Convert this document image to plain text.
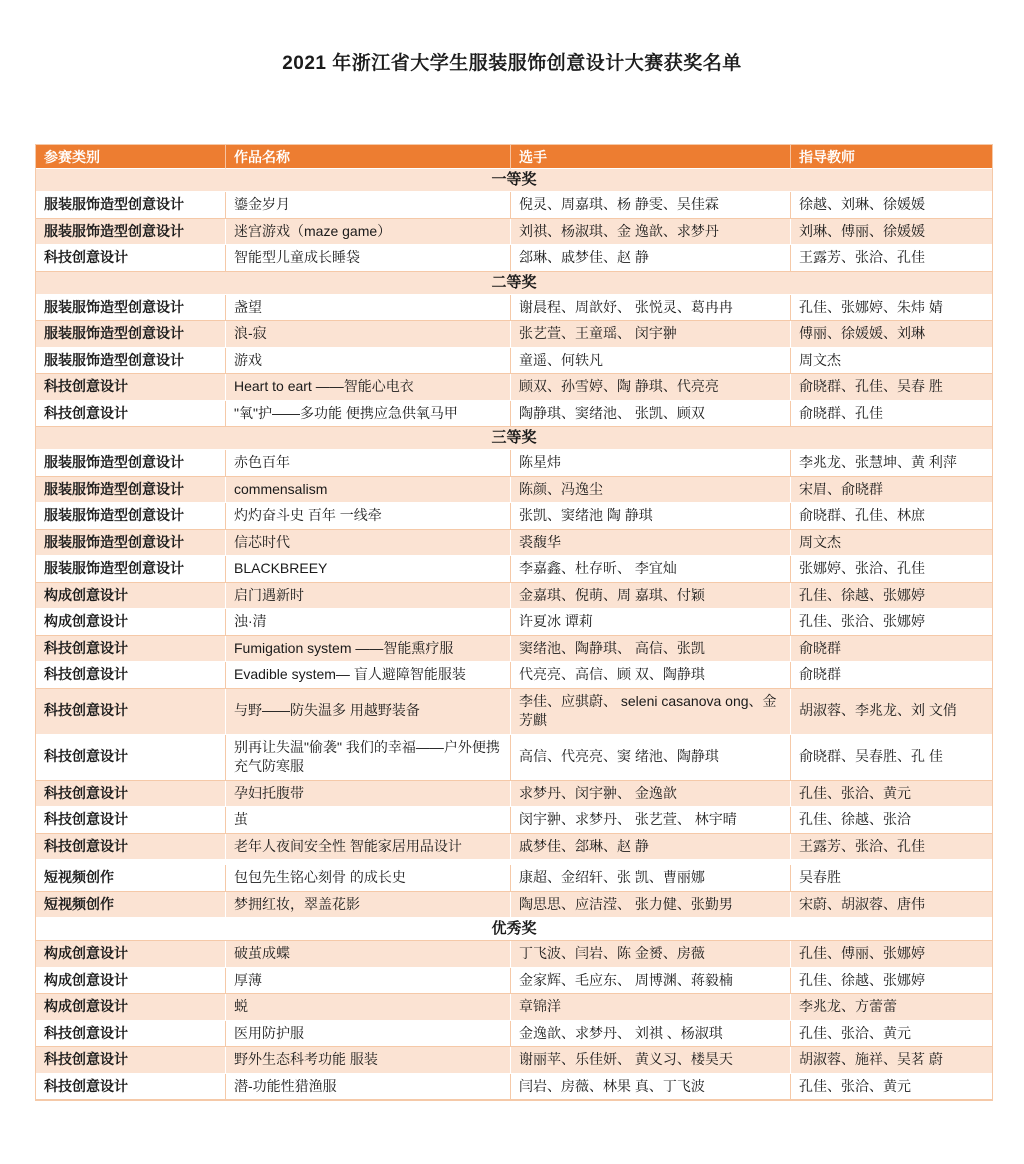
2021 年浙江省大学生服装服饰创意设计大赛获奖名单
参赛类别	作品名称	选手	指导教师
一等奖			
服装服饰造型创意设计	鎏金岁月	倪灵、周嘉琪、杨 静雯、吴佳霖	徐越、刘琳、徐媛媛
服装服饰造型创意设计	迷宫游戏（maze game）	刘祺、杨淑琪、金 逸歆、求梦丹	刘琳、傅丽、徐媛媛
科技创意设计	智能型儿童成长睡袋	郐琳、戚梦佳、赵 静	王露芳、张洽、孔佳
二等奖			
服装服饰造型创意设计	盏望	谢晨程、周歆妤、 张悦灵、葛冉冉	孔佳、张娜婷、朱炜 婧
服装服饰造型创意设计	浪-寂	张艺萱、王童瑶、 闵宇翀	傅丽、徐媛媛、刘琳
服装服饰造型创意设计	游戏	童遥、何轶凡	周文杰
科技创意设计	Heart to eart ——智能心电衣	顾双、孙雪婷、陶 静琪、代亮亮	俞晓群、孔佳、吴春 胜
科技创意设计	"氧"护——多功能 便携应急供氧马甲	陶静琪、窦绪池、 张凯、顾双	俞晓群、孔佳
三等奖			
服装服饰造型创意设计	赤色百年	陈星炜	李兆龙、张慧坤、黄 利萍
服装服饰造型创意设计	commensalism	陈颜、冯逸尘	宋眉、俞晓群
服装服饰造型创意设计	灼灼奋斗史 百年 一线牵	张凯、窦绪池 陶 静琪	俞晓群、孔佳、林庶
服装服饰造型创意设计	信芯时代	裘馥华	周文杰
服装服饰造型创意设计	BLACKBREEY	李嘉鑫、杜存昕、 李宜灿	张娜婷、张洽、孔佳
构成创意设计	启门遇新时	金嘉琪、倪萌、周 嘉琪、付颖	孔佳、徐越、张娜婷
构成创意设计	浊·清	许夏冰 谭莉	孔佳、张洽、张娜婷
科技创意设计	Fumigation system ——智能熏疗服	窦绪池、陶静琪、 高信、张凯	俞晓群
科技创意设计	Evadible system— 盲人避障智能服装	代亮亮、高信、顾 双、陶静琪	俞晓群
科技创意设计	与野——防失温多 用越野装备	李佳、应骐蔚、 seleni casanova ong、金芳麒	胡淑蓉、李兆龙、刘 文俏
科技创意设计	别再让失温"偷袭" 我们的幸福——户外便携充气防寒服	高信、代亮亮、窦 绪池、陶静琪	俞晓群、吴春胜、孔 佳
科技创意设计	孕妇托腹带	求梦丹、闵宇翀、 金逸歆	孔佳、张洽、黄元
科技创意设计	茧	闵宇翀、求梦丹、 张艺萱、 林宇晴	孔佳、徐越、张洽
科技创意设计	老年人夜间安全性 智能家居用品设计	戚梦佳、郐琳、赵 静	王露芳、张洽、孔佳

短视频创作	包包先生铭心刻骨 的成长史	康超、金绍轩、张 凯、曹丽娜	吴春胜
短视频创作	梦拥红妆，翠盖花影	陶思思、应洁滢、 张力健、张勤男	宋蔚、胡淑蓉、唐伟
优秀奖			
构成创意设计	破茧成蝶	丁飞波、闫岩、陈 金赟、房薇	孔佳、傅丽、张娜婷
构成创意设计	厚薄	金家辉、毛应东、 周博渊、蒋毅楠	孔佳、徐越、张娜婷
构成创意设计	蜕	章锦洋	李兆龙、方蕾蕾
科技创意设计	医用防护服	金逸歆、求梦丹、 刘祺 、杨淑琪	孔佳、张洽、黄元
科技创意设计	野外生态科考功能 服装	谢丽苹、乐佳妍、 黄义习、楼昊天	胡淑蓉、施祥、吴茗 蔚
科技创意设计	潜-功能性猎渔服	闫岩、房薇、林果 真、丁飞波	孔佳、张洽、黄元
